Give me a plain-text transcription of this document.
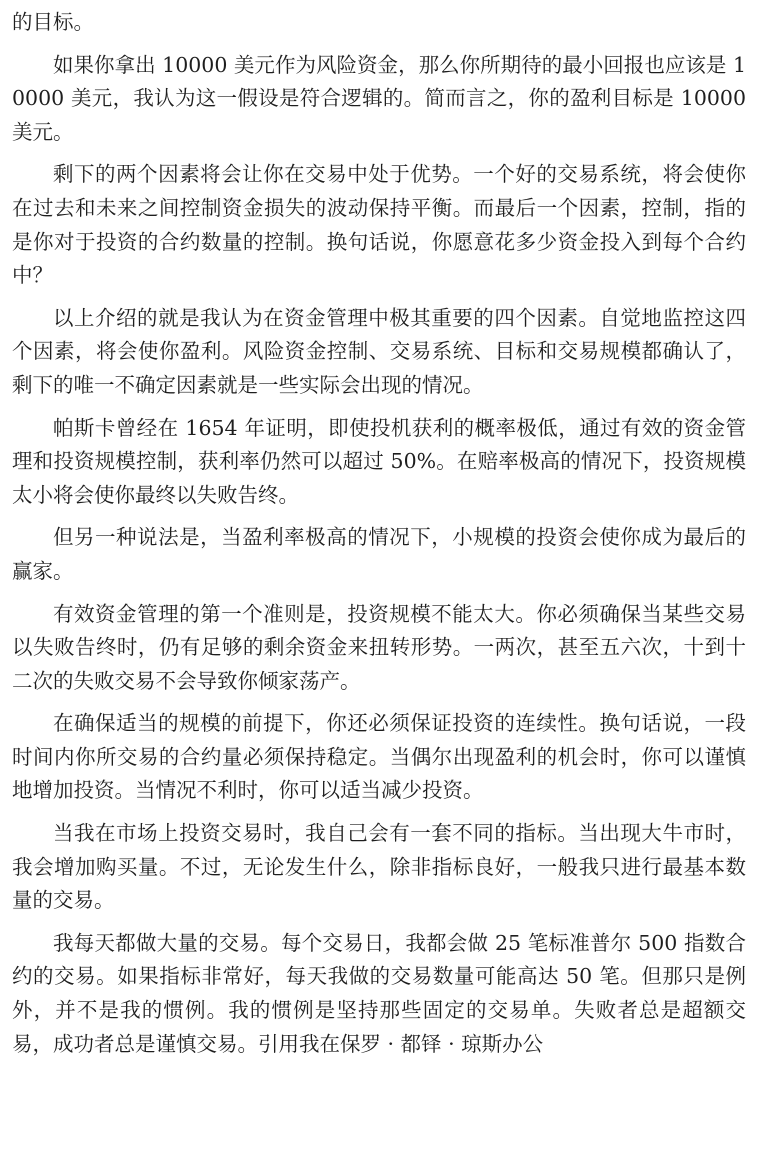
的目标。

如果你拿出 10000 美元作为风险资金，那么你所期待的最小回报也应该是 10000 美元，我认为这一假设是符合逻辑的。简而言之，你的盈利目标是 10000 美元。

剩下的两个因素将会让你在交易中处于优势。一个好的交易系统，将会使你在过去和未来之间控制资金损失的波动保持平衡。而最后一个因素，控制，指的是你对于投资的合约数量的控制。换句话说，你愿意花多少资金投入到每个合约中？

以上介绍的就是我认为在资金管理中极其重要的四个因素。自觉地监控这四个因素，将会使你盈利。风险资金控制、交易系统、目标和交易规模都确认了，剩下的唯一不确定因素就是一些实际会出现的情况。

帕斯卡曾经在 1654 年证明，即使投机获利的概率极低，通过有效的资金管理和投资规模控制，获利率仍然可以超过 50%。在赔率极高的情况下，投资规模太小将会使你最终以失败告终。

但另一种说法是，当盈利率极高的情况下，小规模的投资会使你成为最后的赢家。

有效资金管理的第一个准则是，投资规模不能太大。你必须确保当某些交易以失败告终时，仍有足够的剩余资金来扭转形势。一两次，甚至五六次，十到十二次的失败交易不会导致你倾家荡产。

在确保适当的规模的前提下，你还必须保证投资的连续性。换句话说，一段时间内你所交易的合约量必须保持稳定。当偶尔出现盈利的机会时，你可以谨慎地增加投资。当情况不利时，你可以适当减少投资。

当我在市场上投资交易时，我自己会有一套不同的指标。当出现大牛市时，我会增加购买量。不过，无论发生什么，除非指标良好，一般我只进行最基本数量的交易。

我每天都做大量的交易。每个交易日，我都会做 25 笔标准普尔 500 指数合约的交易。如果指标非常好，每天我做的交易数量可能高达 50 笔。但那只是例外，并不是我的惯例。我的惯例是坚持那些固定的交易单。失败者总是超额交易，成功者总是谨慎交易。引用我在保罗 · 都铎 · 琼斯办公
